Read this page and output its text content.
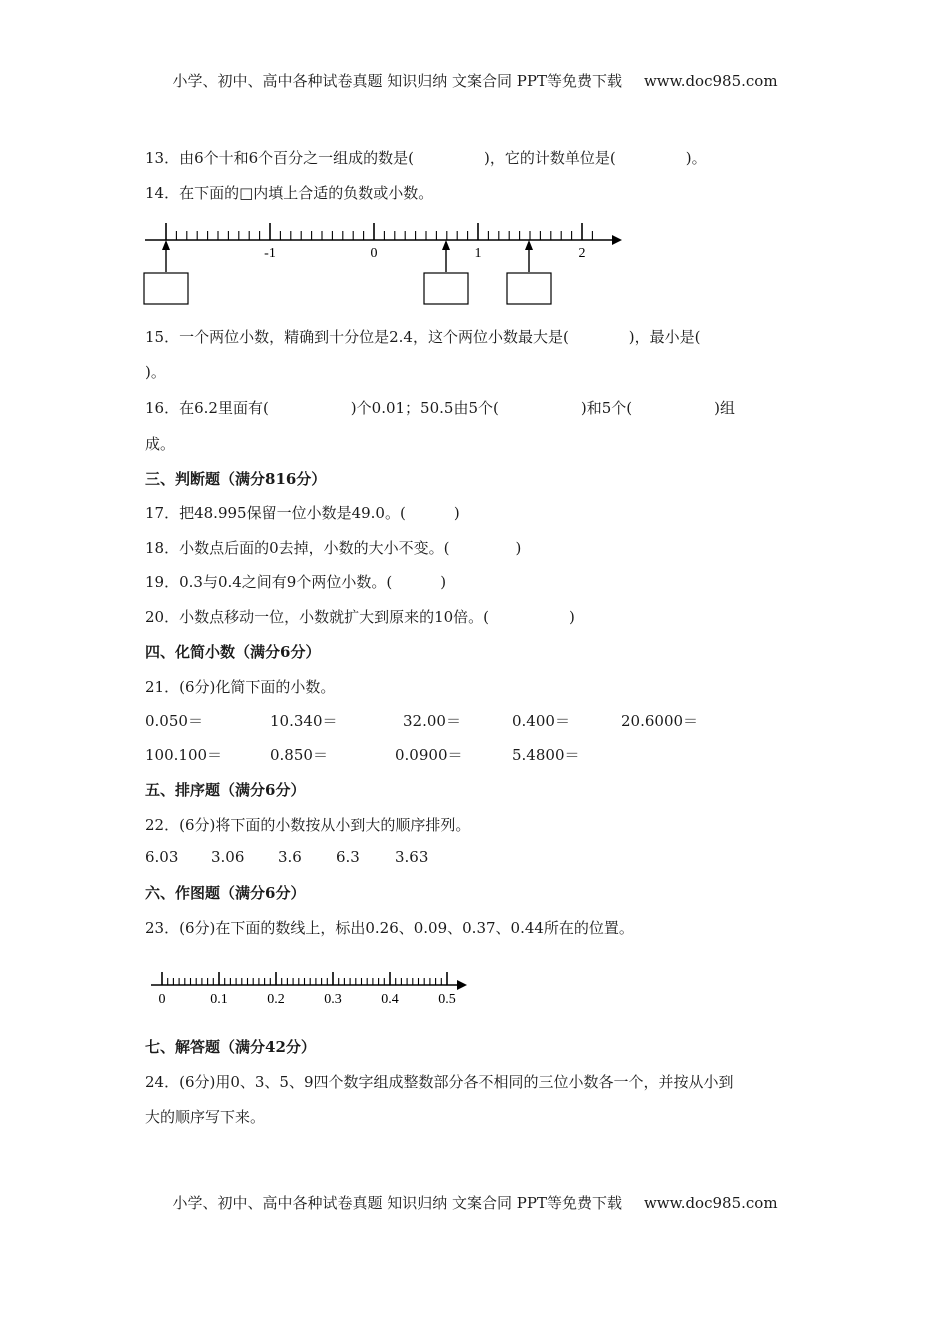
小学、初中、高中各种试卷真题 知识归纳 文案合同 PPT等免费下载 www.doc985.com
13．由6个十和6个百分之一组成的数是(	)，它的计数单位是(	)。
14．在下面的□内填上合适的负数或小数。
-1	0	1	2
15．一个两位小数，精确到十分位是2.4，这个两位小数最大是(	)，最小是(
)。
16．在6.2里面有(	)个0.01；50.5由5个(	)和5个(	)组
成。
三、判断题（满分816分）
17．把48.995保留一位小数是49.0。(	)
18．小数点后面的0去掉，小数的大小不变。(	)
19．0.3与0.4之间有9个两位小数。(	)
20．小数点移动一位，小数就扩大到原来的10倍。(	)
四、化简小数（满分6分）
21．(6分)化简下面的小数。
0.050＝	10.340＝	32.00＝	0.400＝	20.6000＝
100.100＝	0.850＝	0.0900＝	5.4800＝
五、排序题（满分6分）
22．(6分)将下面的小数按从小到大的顺序排列。
6.03 3.06 3.6 6.3 3.63
六、作图题（满分6分）
23．(6分)在下面的数线上，标出0.26、0.09、0.37、0.44所在的位置。
0	0.1	0.2	0.3	0.4	0.5
七、解答题（满分42分）
24．(6分)用0、3、5、9四个数字组成整数部分各不相同的三位小数各一个，并按从小到
大的顺序写下来。
小学、初中、高中各种试卷真题 知识归纳 文案合同 PPT等免费下载 www.doc985.com
